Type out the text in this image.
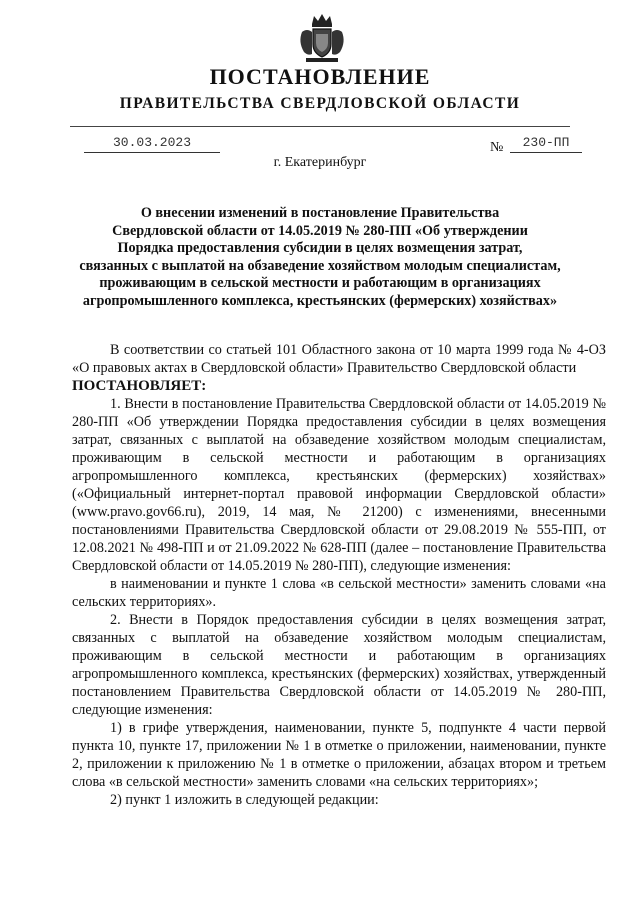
ПОСТАНОВЛЕНИЕ
ПРАВИТЕЛЬСТВА СВЕРДЛОВСКОЙ ОБЛАСТИ
30.03.2023	№	230-ПП
г. Екатеринбург
О внесении изменений в постановление Правительства
Свердловской области от 14.05.2019 № 280-ПП «Об утверждении
Порядка предоставления субсидии в целях возмещения затрат,
связанных с выплатой на обзаведение хозяйством молодым специалистам,
проживающим в сельской местности и работающим в организациях
агропромышленного комплекса, крестьянских (фермерских) хозяйствах»

В соответствии со статьей 101 Областного закона от 10 марта 1999 года № 4-ОЗ «О правовых актах в Свердловской области» Правительство Свердловской области

ПОСТАНОВЛЯЕТ:

1. Внести в постановление Правительства Свердловской области от 14.05.2019 № 280-ПП «Об утверждении Порядка предоставления субсидии в целях возмещения затрат, связанных с выплатой на обзаведение хозяйством молодым специалистам, проживающим в сельской местности и работающим в организациях агропромышленного комплекса, крестьянских (фермерских) хозяйствах» («Официальный интернет-портал правовой информации Свердловской области» (www.pravo.gov66.ru), 2019, 14 мая, № 21200) с изменениями, внесенными постановлениями Правительства Свердловской области от 29.08.2019 № 555-ПП, от 12.08.2021 № 498-ПП и от 21.09.2022 № 628-ПП (далее – постановление Правительства Свердловской области от 14.05.2019 № 280-ПП), следующие изменения:

в наименовании и пункте 1 слова «в сельской местности» заменить словами «на сельских территориях».

2. Внести в Порядок предоставления субсидии в целях возмещения затрат, связанных с выплатой на обзаведение хозяйством молодым специалистам, проживающим в сельской местности и работающим в организациях агропромышленного комплекса, крестьянских (фермерских) хозяйствах, утвержденный постановлением Правительства Свердловской области от 14.05.2019 № 280-ПП, следующие изменения:

1) в грифе утверждения, наименовании, пункте 5, подпункте 4 части первой пункта 10, пункте 17, приложении № 1 в отметке о приложении, наименовании, пункте 2, приложении к приложению № 1 в отметке о приложении, абзацах втором и третьем слова «в сельской местности» заменить словами «на сельских территориях»;

2) пункт 1 изложить в следующей редакции:
